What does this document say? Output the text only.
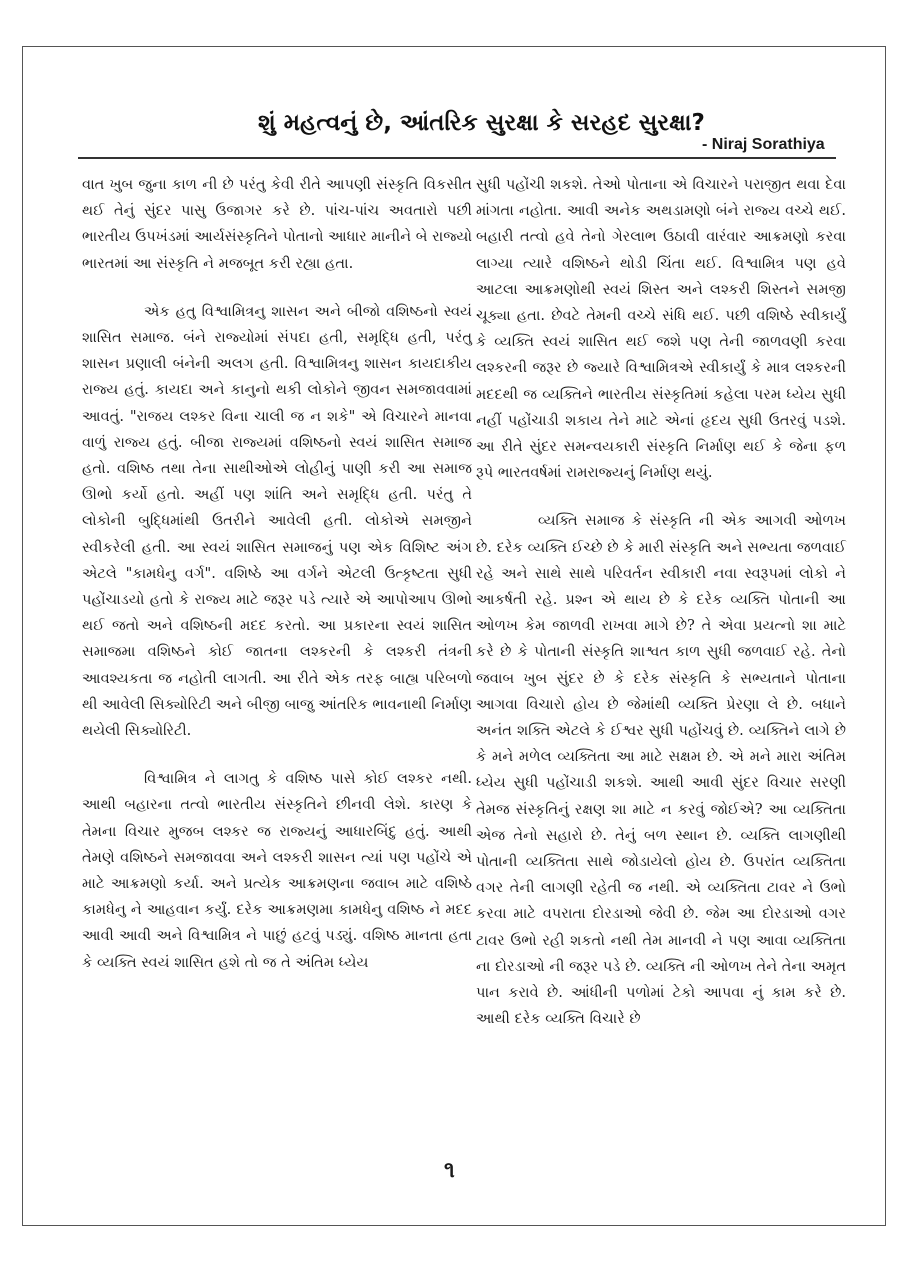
શું મહત્વનું છે, આંતરિક સુરક્ષા કે સરહદ સુરક્ષા?
- Niraj Sorathiya

વાત ખુબ જુના કાળ ની છે પરંતુ કેવી રીતે આપણી સંસ્કૃતિ વિકસીત થઈ તેનું સુંદર પાસુ ઉજાગર કરે છે. પાંચ-પાંચ અવતારો પછી ભારતીય ઉપખંડમાં આર્યસંસ્કૃતિને પોતાનો આધાર માનીને બે રાજ્યો ભારતમાં આ સંસ્કૃતિ ને મજબૂત કરી રહ્યા હતા.

એક હતુ વિશ્વામિત્રનુ શાસન અને બીજો વશિષ્ઠનો સ્વયં શાસિત સમાજ. બંને રાજ્યોમાં સંપદા હતી, સમૃદ્ધિ હતી, પરંતુ શાસન પ્રણાલી બંનેની અલગ હતી. વિશ્વામિત્રનુ શાસન કાયદાકીય રાજ્ય હતું. કાયદા અને કાનુનો થકી લોકોને જીવન સમજાવવામાં આવતું. "રાજય લશ્કર વિના ચાલી જ ન શકે" એ વિચારને માનવા વાળું રાજ્ય હતું. બીજા રાજ્યમાં વશિષ્ઠનો સ્વયં શાસિત સમાજ હતો. વશિષ્ઠ તથા તેના સાથીઓએ લોહીનું પાણી કરી આ સમાજ ઊભો કર્યો હતો. અહીં પણ શાંતિ અને સમૃદ્ધિ હતી. પરંતુ તે લોકોની બુદ્ધિમાંથી ઉતરીને આવેલી હતી. લોકોએ સમજીને સ્વીકરેલી હતી. આ સ્વયં શાસિત સમાજનું પણ એક વિશિષ્ટ અંગ એટલે "કામધેનુ વર્ગ". વશિષ્ઠે આ વર્ગને એટલી ઉત્કૃષ્ટતા સુધી પહોંચાડયો હતો કે રાજ્ય માટે જરૂર પડે ત્યારે એ આપોઆપ ઊભો થઈ જતો અને વશિષ્ઠની મદદ કરતો. આ પ્રકારના સ્વયં શાસિત સમાજમા વશિષ્ઠને કોઈ જાતના લશ્કરની કે લશ્કરી તંત્રની આવશ્યકતા જ નહોતી લાગતી. આ રીતે એક તરફ બાહ્ય પરિબળો થી આવેલી સિક્યોરિટી અને બીજી બાજુ આંતરિક ભાવનાથી નિર્માણ થયેલી સિક્યોરિટી.

વિશ્વામિત્ર ને લાગતુ કે વશિષ્ઠ પાસે કોઈ લશ્કર નથી. આથી બહારના તત્વો ભારતીય સંસ્કૃતિને છીનવી લેશે. કારણ કે તેમના વિચાર મુજબ લશ્કર જ રાજ્યનું આધારબિંદુ હતું. આથી તેમણે વશિષ્ઠને સમજાવવા અને લશ્કરી શાસન ત્યાં પણ પહોંચે એ માટે આક્રમણો કર્યા. અને પ્રત્યેક આક્રમણના જવાબ માટે વશિષ્ઠે કામધેનુ ને આહવાન કર્યું. દરેક આક્રમણમા કામધેનુ વશિષ્ઠ ને મદદ આવી આવી અને વિશ્વામિત્ર ને પાછું હટવું પડ્યું. વશિષ્ઠ માનતા હતા કે વ્યક્તિ સ્વયં શાસિત હશે તો જ તે અંતિમ ધ્યેય

સુધી પહોંચી શકશે. તેઓ પોતાના એ વિચારને પરાજીત થવા દેવા માંગતા નહોતા. આવી અનેક અથડામણો બંને રાજ્ય વચ્ચે થઈ. બહારી તત્વો હવે તેનો ગેરલાભ ઉઠાવી વારંવાર આક્રમણો કરવા લાગ્યા ત્યારે વશિષ્ઠને થોડી ચિંતા થઈ. વિશ્વામિત્ર પણ હવે આટલા આક્રમણોથી સ્વયં શિસ્ત અને લશ્કરી શિસ્તને સમજી ચૂક્યા હતા. છેવટે તેમની વચ્ચે સંધિ થઈ. પછી વશિષ્ઠે સ્વીકાર્યું કે વ્યક્તિ સ્વયં શાસિત થઈ જશે પણ તેની જાળવણી કરવા લશ્કરની જરૂર છે જ્યારે વિશ્વામિત્રએ સ્વીકાર્યું કે માત્ર લશ્કરની મદદથી જ વ્યક્તિને ભારતીય સંસ્કૃતિમાં કહેલા પરમ ધ્યેય સુધી નહીં પહોંચાડી શકાય તેને માટે એનાં હૃદય સુધી ઉતરવું પડશે. આ રીતે સુંદર સમન્વયકારી સંસ્કૃતિ નિર્માણ થઈ કે જેના ફળ રૂપે ભારતવર્ષમાં રામરાજ્યનું નિર્માણ થયું.

વ્યક્તિ સમાજ કે સંસ્કૃતિ ની એક આગવી ઓળખ છે. દરેક વ્યક્તિ ઈચ્છે છે કે મારી સંસ્કૃતિ અને સભ્યતા જળવાઈ રહે અને સાથે સાથે પરિવર્તન સ્વીકારી નવા સ્વરૂપમાં લોકો ને આકર્ષતી રહે. પ્રશ્ન એ થાય છે કે દરેક વ્યક્તિ પોતાની આ ઓળખ કેમ જાળવી રાખવા માગે છે? તે એવા પ્રયત્નો શા માટે કરે છે કે પોતાની સંસ્કૃતિ શાશ્વત કાળ સુધી જળવાઈ રહે. તેનો જવાબ ખુબ સુંદર છે કે દરેક સંસ્કૃતિ કે સભ્યતાને પોતાના આગવા વિચારો હોય છે જેમાંથી વ્યક્તિ પ્રેરણા લે છે. બધાને અનંત શક્તિ એટલે કે ઈશ્વર સુધી પહોંચવું છે. વ્યક્તિને લાગે છે કે મને મળેલ વ્યક્તિતા આ માટે સક્ષમ છે. એ મને મારા અંતિમ ધ્યેય સુધી પહોંચાડી શકશે. આથી આવી સુંદર વિચાર સરણી તેમજ સંસ્કૃતિનું રક્ષણ શા માટે ન કરવું જોઈએ? આ વ્યક્તિતા એજ તેનો સહારો છે. તેનું બળ સ્થાન છે. વ્યક્તિ લાગણીથી પોતાની વ્યક્તિતા સાથે જોડાયેલો હોય છે. ઉપરાંત વ્યક્તિતા વગર તેની લાગણી રહેતી જ નથી. એ વ્યક્તિતા ટાવર ને ઉભો કરવા માટે વપરાતા દોરડાઓ જેવી છે. જેમ આ દોરડાઓ વગર ટાવર ઉભો રહી શકતો નથી તેમ માનવી ને પણ આવા વ્યક્તિતા ના દોરડાઓ ની જરૂર પડે છે. વ્યક્તિ ની ઓળખ તેને તેના અમૃત પાન કરાવે છે. આંધીની પળોમાં ટેકો આપવા નું કામ કરે છે. આથી દરેક વ્યક્તિ વિચારે છે

૧
